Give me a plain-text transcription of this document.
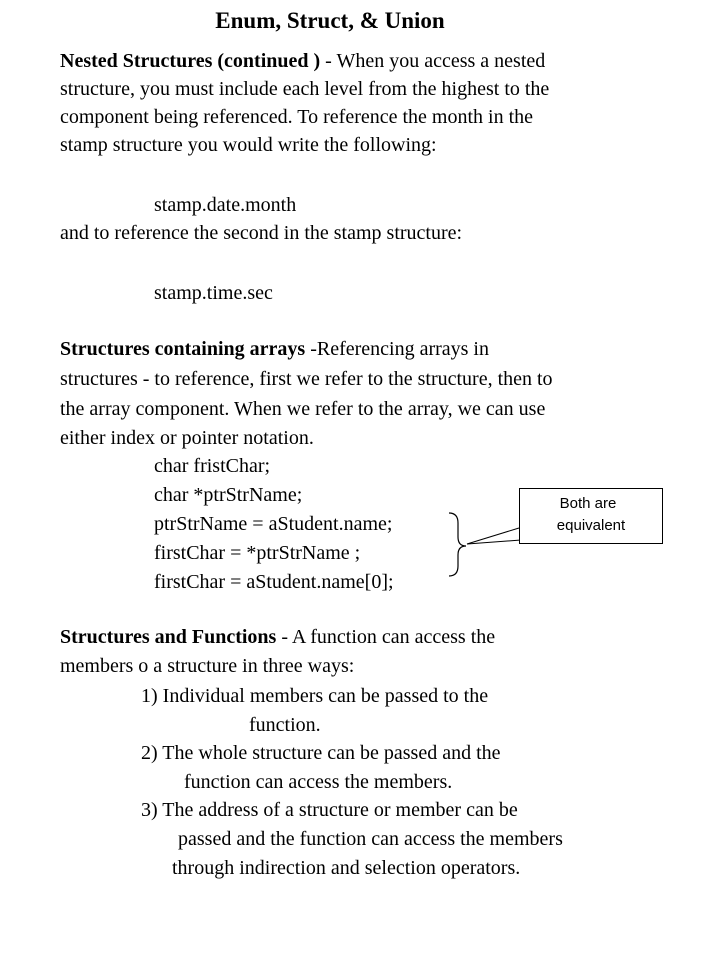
Enum, Struct, & Union
Nested Structures (continued ) - When you access a nested
structure, you must include each level from the highest to the
component being referenced. To reference the month in the
stamp structure you would write the following:
stamp.date.month
and to reference the second in the stamp structure:
stamp.time.sec
Structures containing arrays -Referencing arrays in
structures - to reference, first we refer to the structure, then to
the array component. When we refer to the array, we can use
either index or pointer notation.
char fristChar;
char *ptrStrName;
ptrStrName = aStudent.name;
firstChar = *ptrStrName ;
firstChar = aStudent.name[0];
Both are
equivalent
Structures and Functions - A function can access the
members o a structure in three ways:
1) Individual members can be passed to the
function.
2) The whole structure can be passed and the
function can access the members.
3) The address of a structure or member can be
passed and the function can access the members
through indirection and selection operators.
